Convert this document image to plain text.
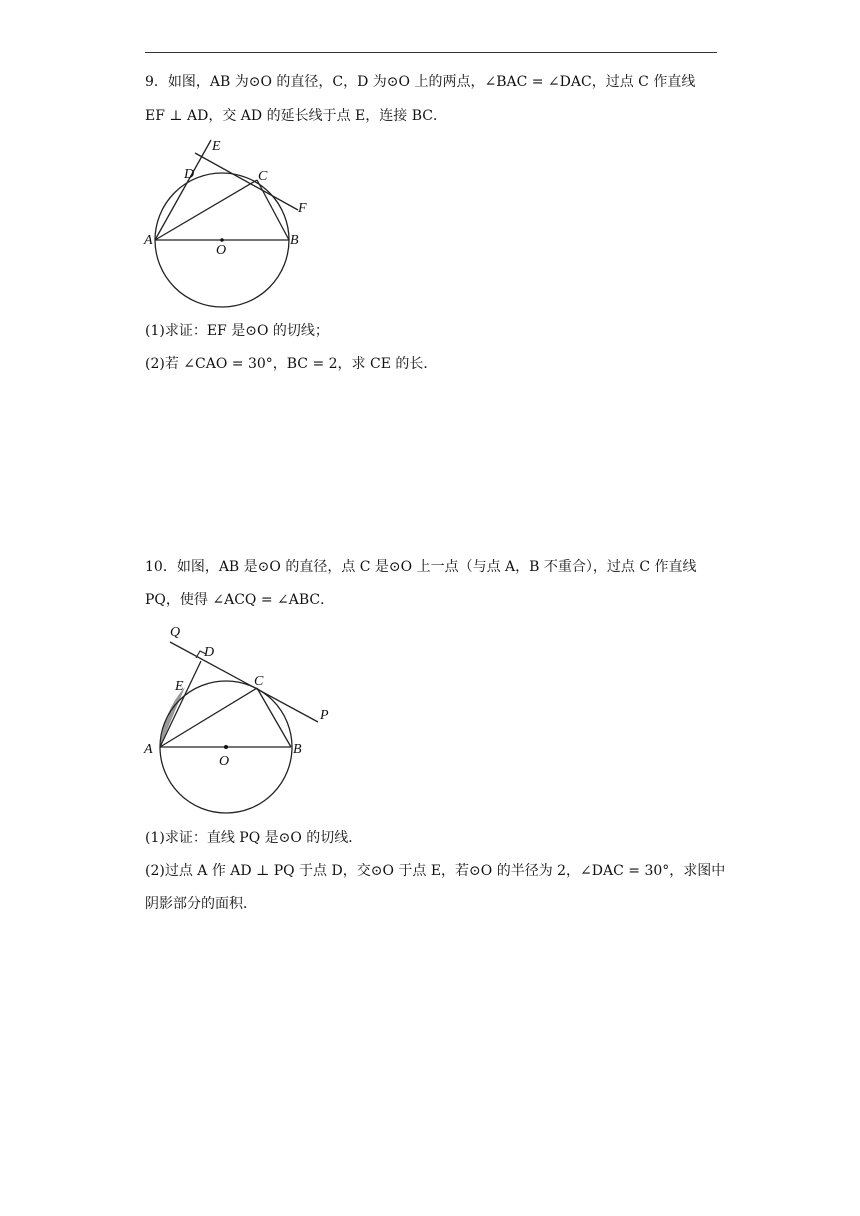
9．如图，AB 为⊙O 的直径，C，D 为⊙O 上的两点，∠BAC = ∠DAC，过点 C 作直线
EF ⊥ AD，交 AD 的延长线于点 E，连接 BC．
E
D	C
F
A
O
B
(1)求证：EF 是⊙O 的切线；
(2)若 ∠CAO = 30°，BC = 2，求 CE 的长．
10．如图，AB 是⊙O 的直径，点 C 是⊙O 上一点（与点 A，B 不重合），过点 C 作直线
PQ，使得 ∠ACQ = ∠ABC．
Q
D
E	C
P
A
O
B
(1)求证：直线 PQ 是⊙O 的切线．
(2)过点 A 作 AD ⊥ PQ 于点 D，交⊙O 于点 E，若⊙O 的半径为 2，∠DAC = 30°，求图中
阴影部分的面积．
